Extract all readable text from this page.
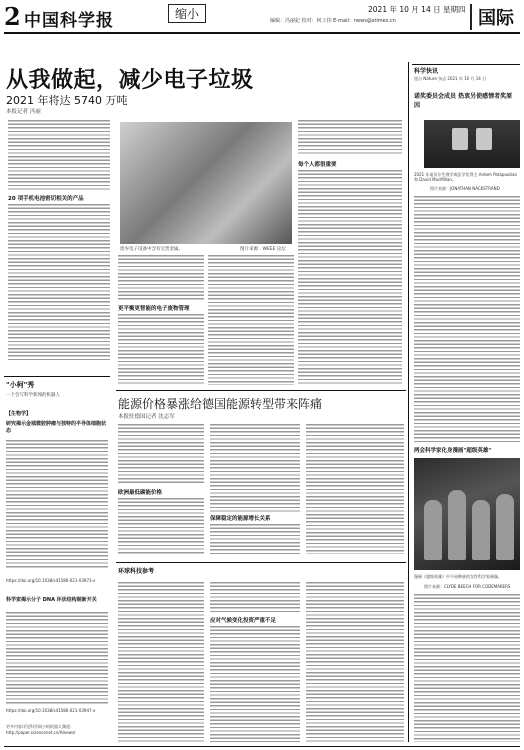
2 中国科学报	缩小	2021 年 10 月 14 日 星期四
编辑：冯丽妃 校对：何工伟 E-mail：news@stimes.cn	国际
从我做起，减少电子垃圾
2021 年将达 5740 万吨
本报记者 冯丽
20 项手机电池密切相关的产品
废弃电子设备中含有宝贵金属。	图片来源：WEEE 论坛
更平衡更智能的电子废物管理
每个人都很重要
"小柯"秀
一个会写科学新闻的机器人
【生物学】
研究揭示金城微胶肿瘤与独特的半导体细胞状态
https://doi.org/10.1038/s41586-021-03973-x
科学家揭示分子 DNA 环状结构制新开关
https://doi.org/10.1038/s41586-021-03947-x
更多内容详见科学网小柯机器人频道：
http://paper.sciencenet.cn/AInews/
能源价格暴涨给德国能源转型带来阵痛
本报驻德国记者 沈志军
欧洲最低碳能价格
保障稳定的能源增长关系
环球科技参考
应对气候变化投资严重不足
科学快讯
选自 Nature 杂志 2021 年 10 月 14 日
诺奖委员会成员 热衷另使感情者奖原因
2021 年诺贝尔生理学或医学奖得主 Ardem Patapoutian 和 David MacMillan。
图片来源：JONATHAN NACKSTRAND
两会科学家化身漫画"超级英雄"
漫画《超级英雄》中不同种族的女性科学家画像。
图片来源：CLYDE BEECH FOR CODEMAKERS
